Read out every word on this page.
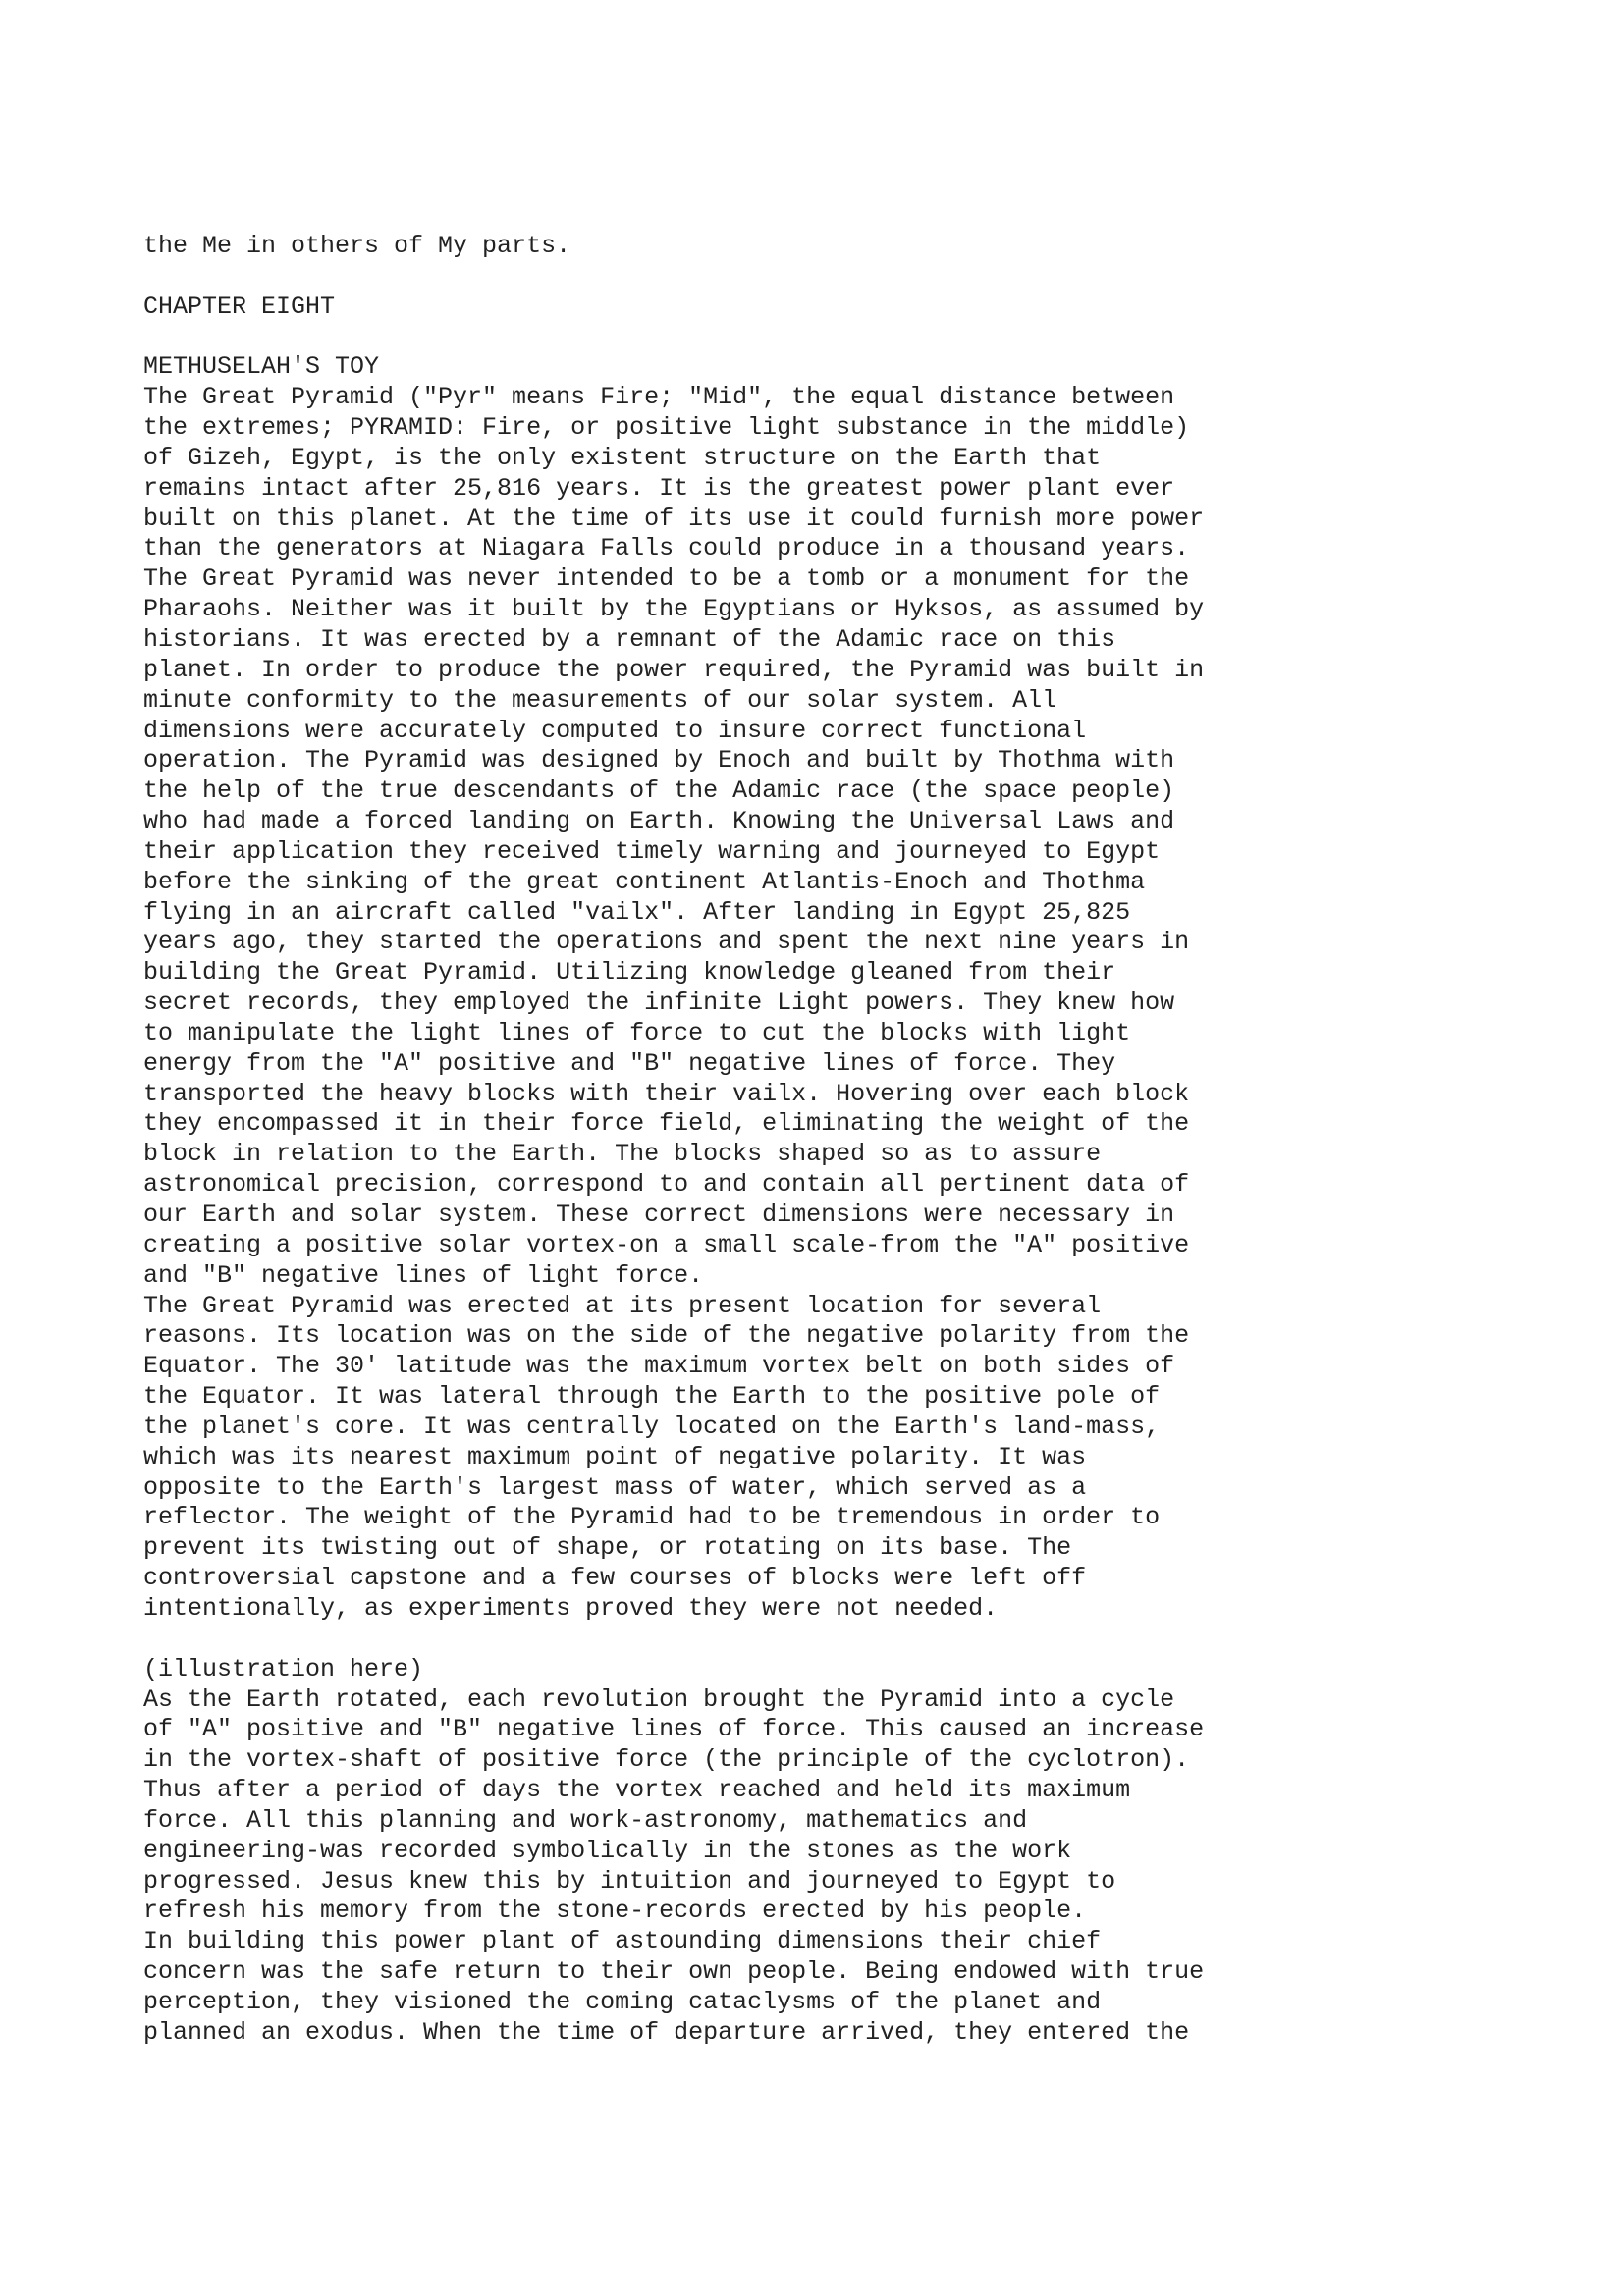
the Me in others of My parts.
CHAPTER EIGHT
METHUSELAH'S TOY
The Great Pyramid ("Pyr" means Fire; "Mid", the equal distance between
the extremes; PYRAMID: Fire, or positive light substance in the middle)
of Gizeh, Egypt, is the only existent structure on the Earth that
remains intact after 25,816 years. It is the greatest power plant ever
built on this planet. At the time of its use it could furnish more power
than the generators at Niagara Falls could produce in a thousand years.
The Great Pyramid was never intended to be a tomb or a monument for the
Pharaohs. Neither was it built by the Egyptians or Hyksos, as assumed by
historians. It was erected by a remnant of the Adamic race on this
planet. In order to produce the power required, the Pyramid was built in
minute conformity to the measurements of our solar system. All
dimensions were accurately computed to insure correct functional
operation. The Pyramid was designed by Enoch and built by Thothma with
the help of the true descendants of the Adamic race (the space people)
who had made a forced landing on Earth. Knowing the Universal Laws and
their application they received timely warning and journeyed to Egypt
before the sinking of the great continent Atlantis-Enoch and Thothma
flying in an aircraft called "vailx". After landing in Egypt 25,825
years ago, they started the operations and spent the next nine years in
building the Great Pyramid. Utilizing knowledge gleaned from their
secret records, they employed the infinite Light powers. They knew how
to manipulate the light lines of force to cut the blocks with light
energy from the "A" positive and "B" negative lines of force. They
transported the heavy blocks with their vailx. Hovering over each block
they encompassed it in their force field, eliminating the weight of the
block in relation to the Earth. The blocks shaped so as to assure
astronomical precision, correspond to and contain all pertinent data of
our Earth and solar system. These correct dimensions were necessary in
creating a positive solar vortex-on a small scale-from the "A" positive
and "B" negative lines of light force.
The Great Pyramid was erected at its present location for several
reasons. Its location was on the side of the negative polarity from the
Equator. The 30' latitude was the maximum vortex belt on both sides of
the Equator. It was lateral through the Earth to the positive pole of
the planet's core. It was centrally located on the Earth's land-mass,
which was its nearest maximum point of negative polarity. It was
opposite to the Earth's largest mass of water, which served as a
reflector. The weight of the Pyramid had to be tremendous in order to
prevent its twisting out of shape, or rotating on its base. The
controversial capstone and a few courses of blocks were left off
intentionally, as experiments proved they were not needed.
(illustration here)
As the Earth rotated, each revolution brought the Pyramid into a cycle
of "A" positive and "B" negative lines of force. This caused an increase
in the vortex-shaft of positive force (the principle of the cyclotron).
Thus after a period of days the vortex reached and held its maximum
force. All this planning and work-astronomy, mathematics and
engineering-was recorded symbolically in the stones as the work
progressed. Jesus knew this by intuition and journeyed to Egypt to
refresh his memory from the stone-records erected by his people.
In building this power plant of astounding dimensions their chief
concern was the safe return to their own people. Being endowed with true
perception, they visioned the coming cataclysms of the planet and
planned an exodus. When the time of departure arrived, they entered the
